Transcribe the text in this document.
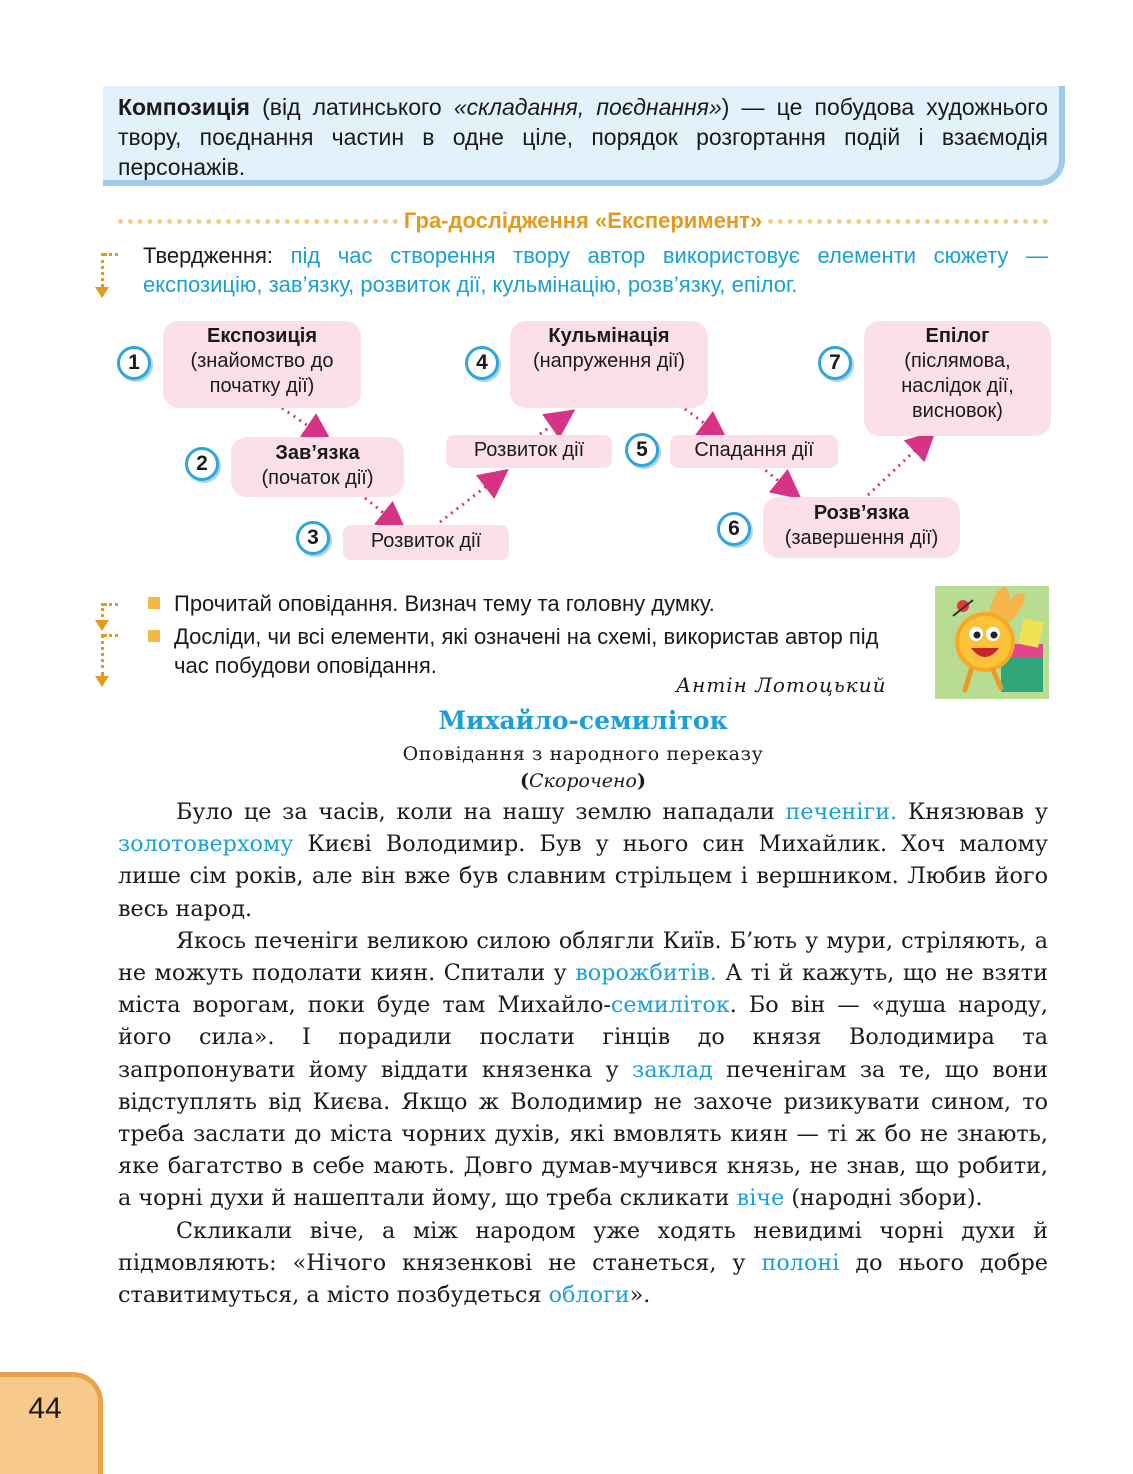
Композиція (від латинського «складання, поєднання») — це побудова художнього твору, поєднання частин в одне ціле, порядок розгортання подій і взаємодія персонажів.
Гра-дослідження «Експеримент»
Твердження: під час створення твору автор використовує елементи сюжету — експозицію, зав’язку, розвиток дії, кульмінацію, розв’язку, епілог.
Експозиція
(знайомство до початку дії)
1
Зав’язка
(початок дії)
2
Розвиток дії
3
Розвиток дії
Кульмінація
(напруження дії)
4
Спадання дії
5
Розв’язка
(завершення дії)
6
Епілог
(післямова, наслідок дії, висновок)
7
Прочитай оповідання. Визнач тему та головну думку.
Досліди, чи всі елементи, які означені на схемі, використав автор під час побудови оповідання.
Антін Лотоцький
Михайло-семиліток
Оповідання з народного переказу
(Скорочено)

Було це за часів, коли на нашу землю нападали печеніги. Князював у золотоверхому Києві Володимир. Був у нього син Михайлик. Хоч малому лише сім років, але він вже був славним стрільцем і вершником. Любив його весь народ.

Якось печеніги великою силою облягли Київ. Б’ють у мури, стріляють, а не можуть подолати киян. Спитали у ворожбитів. А ті й кажуть, що не взяти міста ворогам, поки буде там Михайло-семиліток. Бо він — «душа народу, його сила». І порадили послати гінців до князя Володимира та запропонувати йому віддати князенка у заклад печенігам за те, що вони відступлять від Києва. Якщо ж Володимир не захоче ризикувати сином, то треба заслати до міста чорних духів, які вмовлять киян — ті ж бо не знають, яке багатство в себе мають. Довго думав-мучився князь, не знав, що робити, а чорні духи й нашептали йому, що треба скликати віче (народні збори).

Скликали віче, а між народом уже ходять невидимі чорні духи й підмовляють: «Нічого князенкові не станеться, у полоні до нього добре ставитимуться, а місто позбудеться облоги».

44
